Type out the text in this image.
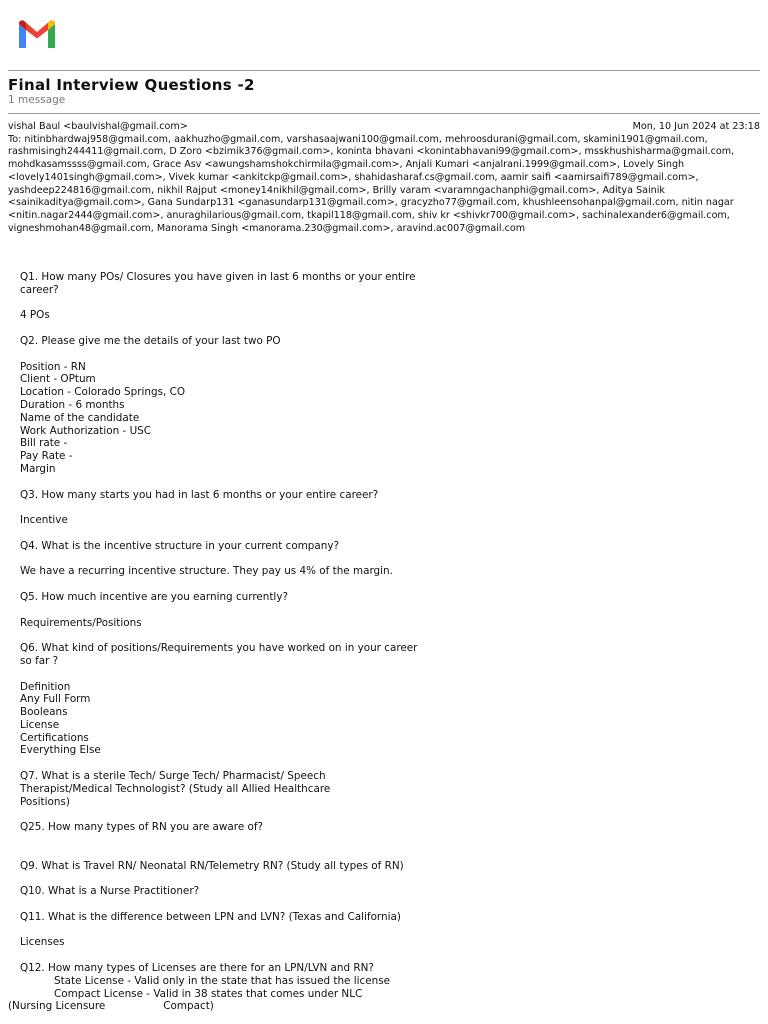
Final Interview Questions -2
1 message
vishal Baul <baulvishal@gmail.com>	Mon, 10 Jun 2024 at 23:18
To: nitinbhardwaj958@gmail.com, aakhuzho@gmail.com, varshasaajwani100@gmail.com, mehroosdurani@gmail.com, skamini1901@gmail.com, rashmisingh244411@gmail.com, D Zoro <bzimik376@gmail.com>, koninta bhavani <konintabhavani99@gmail.com>, msskhushisharma@gmail.com, mohdkasamssss@gmail.com, Grace Asv <awungshamshokchirmila@gmail.com>, Anjali Kumari <anjalrani.1999@gmail.com>, Lovely Singh <lovely1401singh@gmail.com>, Vivek kumar <ankitckp@gmail.com>, shahidasharaf.cs@gmail.com, aamir saifi <aamirsaifi789@gmail.com>, yashdeep224816@gmail.com, nikhil Rajput <money14nikhil@gmail.com>, Brilly varam <varamngachanphi@gmail.com>, Aditya Sainik <sainikaditya@gmail.com>, Gana Sundarp131 <ganasundarp131@gmail.com>, gracyzho77@gmail.com, khushleensohanpal@gmail.com, nitin nagar <nitin.nagar2444@gmail.com>, anuraghilarious@gmail.com, tkapil118@gmail.com, shiv kr <shivkr700@gmail.com>, sachinalexander6@gmail.com, vigneshmohan48@gmail.com, Manorama Singh <manorama.230@gmail.com>, aravind.ac007@gmail.com
Q1. How many POs/ Closures you have given in last 6 months or your entire career?
4 POs
Q2. Please give me the details of your last two PO
Position - RN
Client - OPtum
Location - Colorado Springs, CO
Duration - 6 months
Name of the candidate
Work Authorization - USC
Bill rate -
Pay Rate -
Margin
Q3. How many starts you had in last 6 months or your entire career?
Incentive
Q4. What is the incentive structure in your current company?
We have a recurring incentive structure. They pay us 4% of the margin.
Q5. How much incentive are you earning currently?
Requirements/Positions
Q6. What kind of positions/Requirements you have worked on in your career so far ?
Definition
Any Full Form
Booleans
License
Certifications
Everything Else
Q7. What is a sterile Tech/ Surge Tech/ Pharmacist/ Speech Therapist/Medical Technologist? (Study all Allied Healthcare Positions)
Q25. How many types of RN you are aware of?
Q9. What is Travel RN/ Neonatal RN/Telemetry RN? (Study all types of RN)
Q10. What is a Nurse Practitioner?
Q11. What is the difference between LPN and LVN? (Texas and California)
Licenses
Q12. How many types of Licenses are there for an LPN/LVN and RN?
State License - Valid only in the state that has issued the license
Compact License - Valid in 38 states that comes under NLC
(Nursing Licensure	Compact)
